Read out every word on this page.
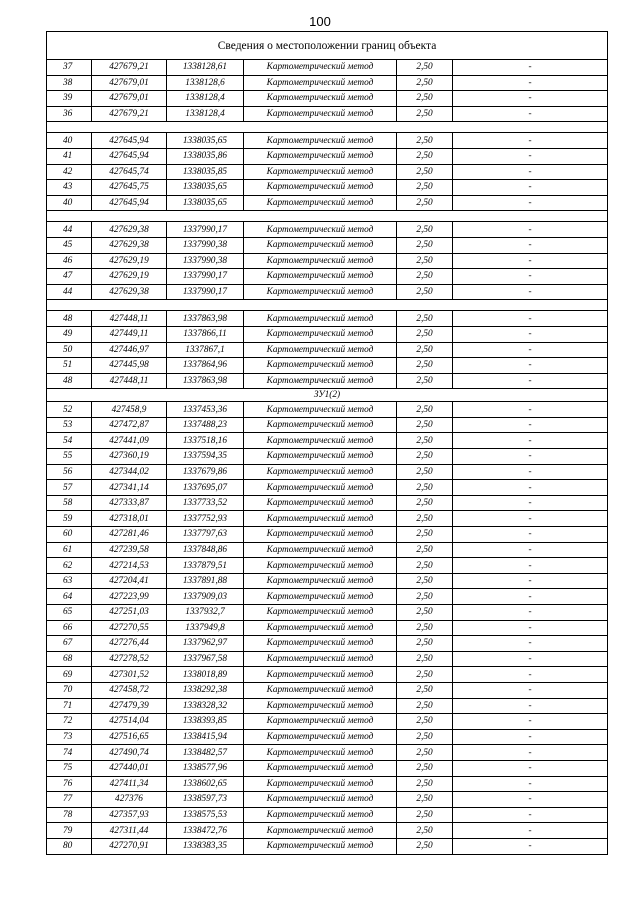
100
Сведения о местоположении границ объекта					
37	427679,21	1338128,61	Картометрический метод	2,50	-
38	427679,01	1338128,6	Картометрический метод	2,50	-
39	427679,01	1338128,4	Картометрический метод	2,50	-
36	427679,21	1338128,4	Картометрический метод	2,50	-

40	427645,94	1338035,65	Картометрический метод	2,50	-
41	427645,94	1338035,86	Картометрический метод	2,50	-
42	427645,74	1338035,85	Картометрический метод	2,50	-
43	427645,75	1338035,65	Картометрический метод	2,50	-
40	427645,94	1338035,65	Картометрический метод	2,50	-

44	427629,38	1337990,17	Картометрический метод	2,50	-
45	427629,38	1337990,38	Картометрический метод	2,50	-
46	427629,19	1337990,38	Картометрический метод	2,50	-
47	427629,19	1337990,17	Картометрический метод	2,50	-
44	427629,38	1337990,17	Картометрический метод	2,50	-

48	427448,11	1337863,98	Картометрический метод	2,50	-
49	427449,11	1337866,11	Картометрический метод	2,50	-
50	427446,97	1337867,1	Картометрический метод	2,50	-
51	427445,98	1337864,96	Картометрический метод	2,50	-
48	427448,11	1337863,98	Картометрический метод	2,50	-
ЗУ1(2)					
52	427458,9	1337453,36	Картометрический метод	2,50	-
53	427472,87	1337488,23	Картометрический метод	2,50	-
54	427441,09	1337518,16	Картометрический метод	2,50	-
55	427360,19	1337594,35	Картометрический метод	2,50	-
56	427344,02	1337679,86	Картометрический метод	2,50	-
57	427341,14	1337695,07	Картометрический метод	2,50	-
58	427333,87	1337733,52	Картометрический метод	2,50	-
59	427318,01	1337752,93	Картометрический метод	2,50	-
60	427281,46	1337797,63	Картометрический метод	2,50	-
61	427239,58	1337848,86	Картометрический метод	2,50	-
62	427214,53	1337879,51	Картометрический метод	2,50	-
63	427204,41	1337891,88	Картометрический метод	2,50	-
64	427223,99	1337909,03	Картометрический метод	2,50	-
65	427251,03	1337932,7	Картометрический метод	2,50	-
66	427270,55	1337949,8	Картометрический метод	2,50	-
67	427276,44	1337962,97	Картометрический метод	2,50	-
68	427278,52	1337967,58	Картометрический метод	2,50	-
69	427301,52	1338018,89	Картометрический метод	2,50	-
70	427458,72	1338292,38	Картометрический метод	2,50	-
71	427479,39	1338328,32	Картометрический метод	2,50	-
72	427514,04	1338393,85	Картометрический метод	2,50	-
73	427516,65	1338415,94	Картометрический метод	2,50	-
74	427490,74	1338482,57	Картометрический метод	2,50	-
75	427440,01	1338577,96	Картометрический метод	2,50	-
76	427411,34	1338602,65	Картометрический метод	2,50	-
77	427376	1338597,73	Картометрический метод	2,50	-
78	427357,93	1338575,53	Картометрический метод	2,50	-
79	427311,44	1338472,76	Картометрический метод	2,50	-
80	427270,91	1338383,35	Картометрический метод	2,50	-
